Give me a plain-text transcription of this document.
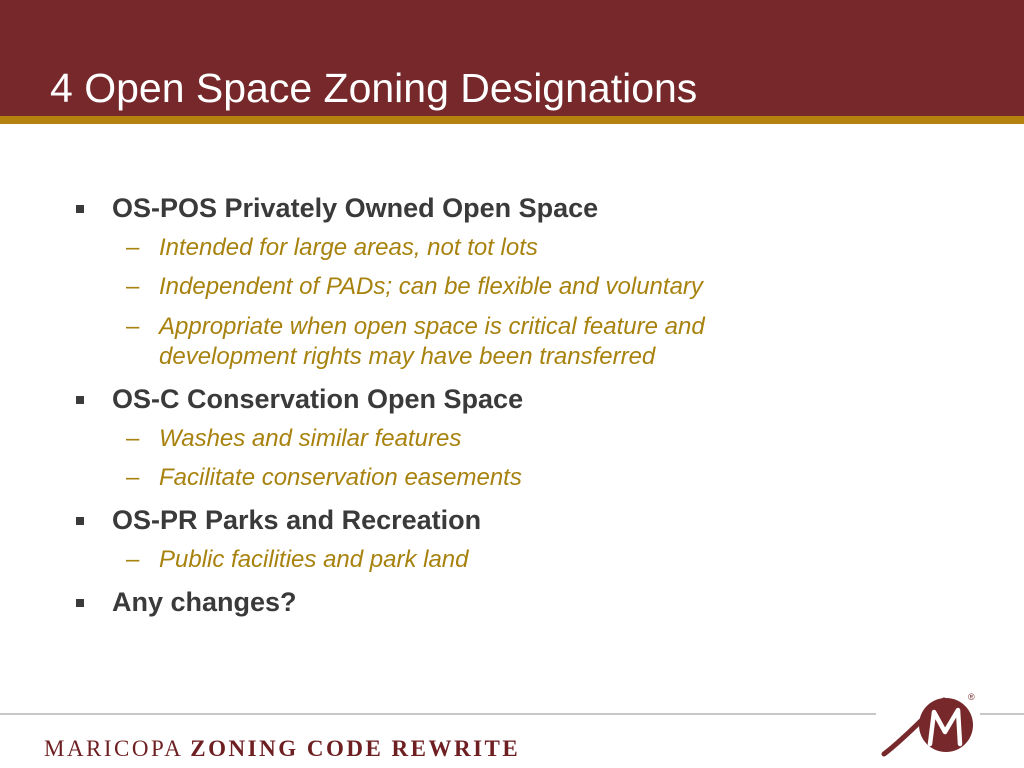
4 Open Space Zoning Designations
OS-POS Privately Owned Open Space
– Intended for large areas, not tot lots
– Independent of PADs; can be flexible and voluntary
– Appropriate when open space is critical feature and development rights may have been transferred
OS-C Conservation Open Space
– Washes and similar features
– Facilitate conservation easements
OS-PR Parks and Recreation
– Public facilities and park land
Any changes?
MARICOPA ZONING CODE REWRITE
®
